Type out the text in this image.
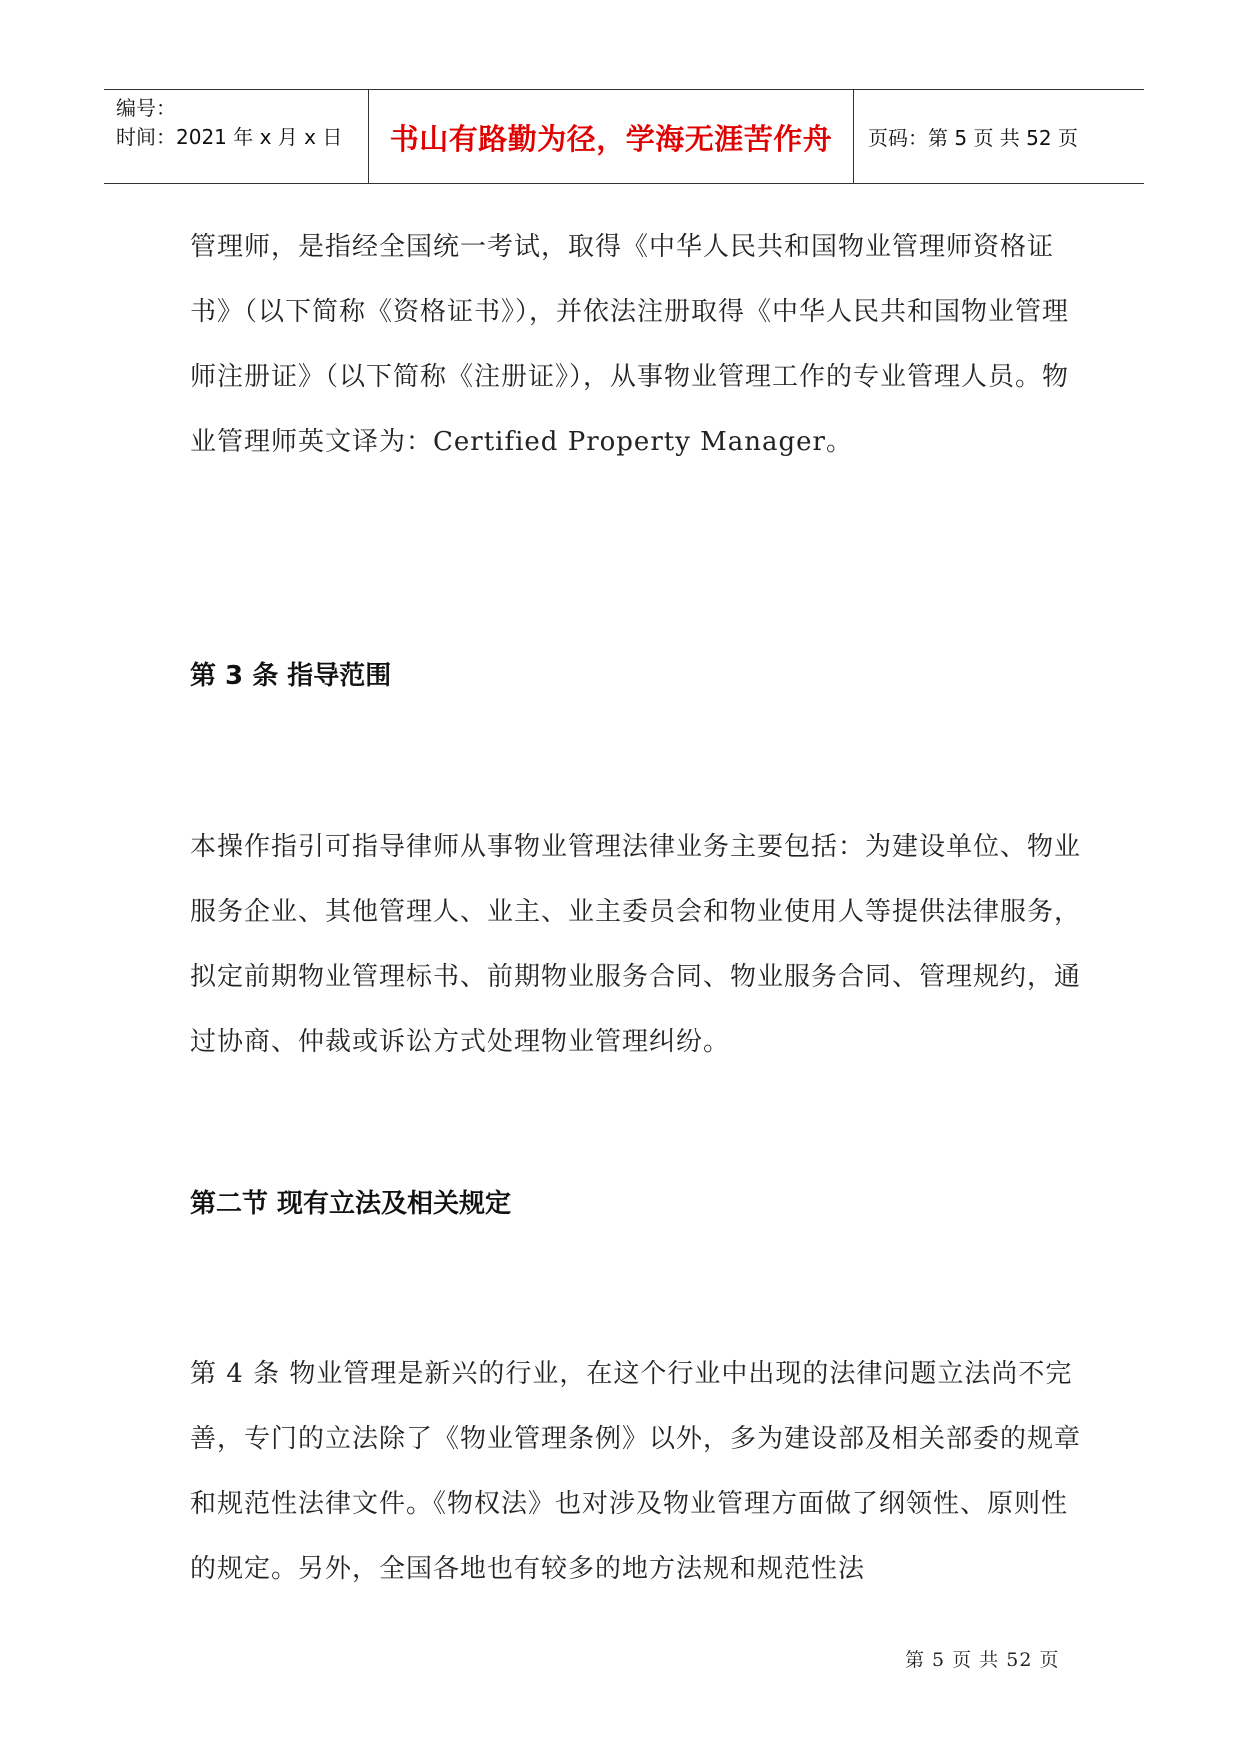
编号：
时间：2021 年 x 月 x 日	书山有路勤为径，学海无涯苦作舟	页码：第 5 页 共 52 页

管理师，是指经全国统一考试，取得《中华人民共和国物业管理师资格证书》（以下简称《资格证书》），并依法注册取得《中华人民共和国物业管理师注册证》（以下简称《注册证》），从事物业管理工作的专业管理人员。物业管理师英文译为：Certified Property Manager。

第 3 条 指导范围

本操作指引可指导律师从事物业管理法律业务主要包括：为建设单位、物业服务企业、其他管理人、业主、业主委员会和物业使用人等提供法律服务，拟定前期物业管理标书、前期物业服务合同、物业服务合同、管理规约，通过协商、仲裁或诉讼方式处理物业管理纠纷。

第二节 现有立法及相关规定

第 4 条 物业管理是新兴的行业，在这个行业中出现的法律问题立法尚不完善，专门的立法除了《物业管理条例》以外，多为建设部及相关部委的规章和规范性法律文件。《物权法》也对涉及物业管理方面做了纲领性、原则性的规定。另外，全国各地也有较多的地方法规和规范性法

第 5 页 共 52 页
